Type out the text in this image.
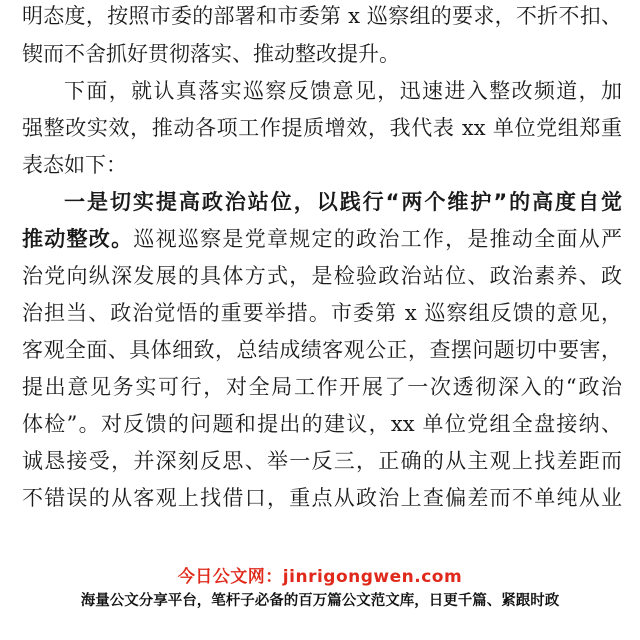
明态度，按照市委的部署和市委第 x 巡察组的要求，不折不扣、
锲而不舍抓好贯彻落实、推动整改提升。
下面，就认真落实巡察反馈意见，迅速进入整改频道，加
强整改实效，推动各项工作提质增效，我代表 xx 单位党组郑重
表态如下：
一是切实提高政治站位，以践行“两个维护”的高度自觉
推动整改。巡视巡察是党章规定的政治工作，是推动全面从严
治党向纵深发展的具体方式，是检验政治站位、政治素养、政
治担当、政治觉悟的重要举措。市委第 x 巡察组反馈的意见，
客观全面、具体细致，总结成绩客观公正，查摆问题切中要害，
提出意见务实可行，对全局工作开展了一次透彻深入的“政治
体检”。对反馈的问题和提出的建议，xx 单位党组全盘接纳、
诚恳接受，并深刻反思、举一反三，正确的从主观上找差距而
不错误的从客观上找借口，重点从政治上查偏差而不单纯从业
今日公文网：jinrigongwen.com
海量公文分享平台，笔杆子必备的百万篇公文范文库，日更千篇、紧跟时政
